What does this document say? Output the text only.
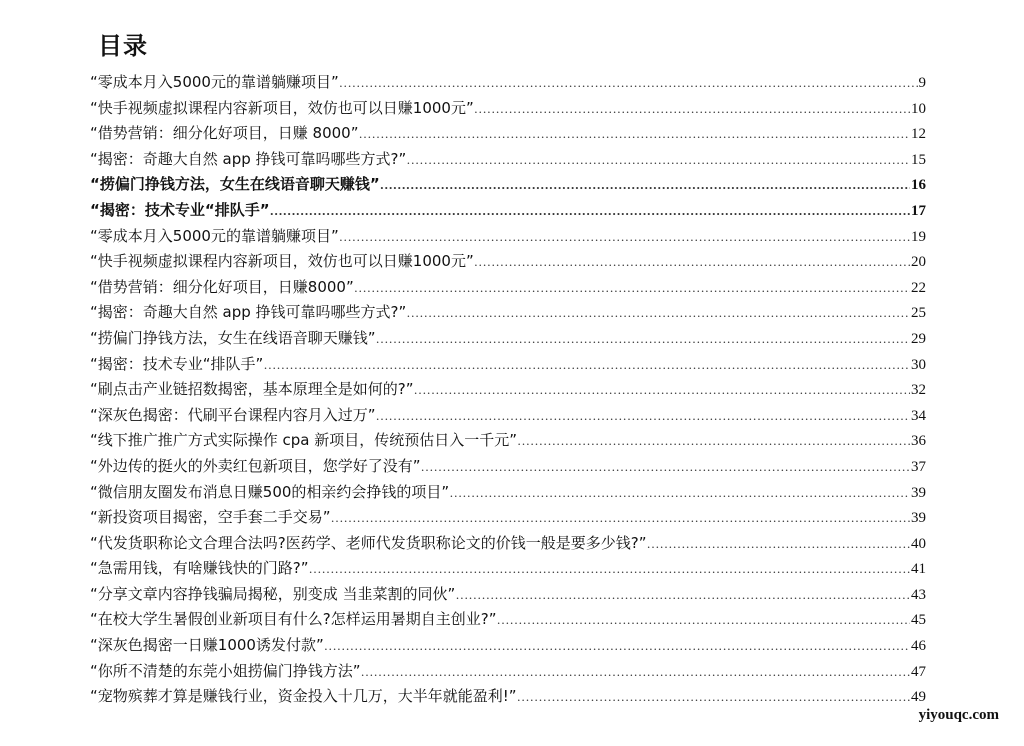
目录
“零成本月入5000元的靠谱躺赚项目” ……………………………………………………………………………………………………………………………………………………………………………………………………………………………………………………………………………………………………………………………………………………………………………	9
“快手视频虚拟课程内容新项目，效仿也可以日赚1000元” ……………………………………………………………………………………………………………………………………………………………………………………………………………………………………………………………………………………………………………………………………………………………………………	10
“借势营销：细分化好项目，日赚 8000” ……………………………………………………………………………………………………………………………………………………………………………………………………………………………………………………………………………………………………………………………………………………………………………	12
“揭密：奇趣大自然 app 挣钱可靠吗哪些方式?” ……………………………………………………………………………………………………………………………………………………………………………………………………………………………………………………………………………………………………………………………………………………………………………	15
“捞偏门挣钱方法，女生在线语音聊天赚钱” ……………………………………………………………………………………………………………………………………………………………………………………………………………………………………………………………………………………………………………………………………………………………………………	16
“揭密：技术专业“排队手” ……………………………………………………………………………………………………………………………………………………………………………………………………………………………………………………………………………………………………………………………………………………………………………	17
“零成本月入5000元的靠谱躺赚项目” ……………………………………………………………………………………………………………………………………………………………………………………………………………………………………………………………………………………………………………………………………………………………………………	19
“快手视频虚拟课程内容新项目，效仿也可以日赚1000元” ……………………………………………………………………………………………………………………………………………………………………………………………………………………………………………………………………………………………………………………………………………………………………………	20
“借势营销：细分化好项目，日赚8000” ……………………………………………………………………………………………………………………………………………………………………………………………………………………………………………………………………………………………………………………………………………………………………………	22
“揭密：奇趣大自然 app 挣钱可靠吗哪些方式?” ……………………………………………………………………………………………………………………………………………………………………………………………………………………………………………………………………………………………………………………………………………………………………………	25
“捞偏门挣钱方法，女生在线语音聊天赚钱” ……………………………………………………………………………………………………………………………………………………………………………………………………………………………………………………………………………………………………………………………………………………………………………	29
“揭密：技术专业“排队手” ……………………………………………………………………………………………………………………………………………………………………………………………………………………………………………………………………………………………………………………………………………………………………………	30
“刷点击产业链招数揭密，基本原理全是如何的?” ……………………………………………………………………………………………………………………………………………………………………………………………………………………………………………………………………………………………………………………………………………………………………………	32
“深灰色揭密：代刷平台课程内容月入过万” ……………………………………………………………………………………………………………………………………………………………………………………………………………………………………………………………………………………………………………………………………………………………………………	34
“线下推广推广方式实际操作 cpa 新项目，传统预估日入一千元” ……………………………………………………………………………………………………………………………………………………………………………………………………………………………………………………………………………………………………………………………………………………………………………	36
“外边传的挺火的外卖红包新项目，您学好了没有” ……………………………………………………………………………………………………………………………………………………………………………………………………………………………………………………………………………………………………………………………………………………………………………	37
“微信朋友圈发布消息日赚500的相亲约会挣钱的项目” ……………………………………………………………………………………………………………………………………………………………………………………………………………………………………………………………………………………………………………………………………………………………………………	39
“新投资项目揭密，空手套二手交易” ……………………………………………………………………………………………………………………………………………………………………………………………………………………………………………………………………………………………………………………………………………………………………………	39
“代发货职称论文合理合法吗?医药学、老师代发货职称论文的价钱一般是要多少钱?” ……………………………………………………………………………………………………………………………………………………………………………………………………………………………………………………………………………………………………………………………………………………………………………	40
“急需用钱，有啥赚钱快的门路?” ……………………………………………………………………………………………………………………………………………………………………………………………………………………………………………………………………………………………………………………………………………………………………………	41
“分享文章内容挣钱骗局揭秘，别变成 当韭菜割的同伙” ……………………………………………………………………………………………………………………………………………………………………………………………………………………………………………………………………………………………………………………………………………………………………………	43
“在校大学生暑假创业新项目有什么?怎样运用暑期自主创业?” ……………………………………………………………………………………………………………………………………………………………………………………………………………………………………………………………………………………………………………………………………………………………………………	45
“深灰色揭密一日赚1000诱发付款” ……………………………………………………………………………………………………………………………………………………………………………………………………………………………………………………………………………………………………………………………………………………………………………	46
“你所不清楚的东莞小姐捞偏门挣钱方法” ……………………………………………………………………………………………………………………………………………………………………………………………………………………………………………………………………………………………………………………………………………………………………………	47
“宠物殡葬才算是赚钱行业，资金投入十几万，大半年就能盈利!” ……………………………………………………………………………………………………………………………………………………………………………………………………………………………………………………………………………………………………………………………………………………………………………	49
yiyouqc.com
